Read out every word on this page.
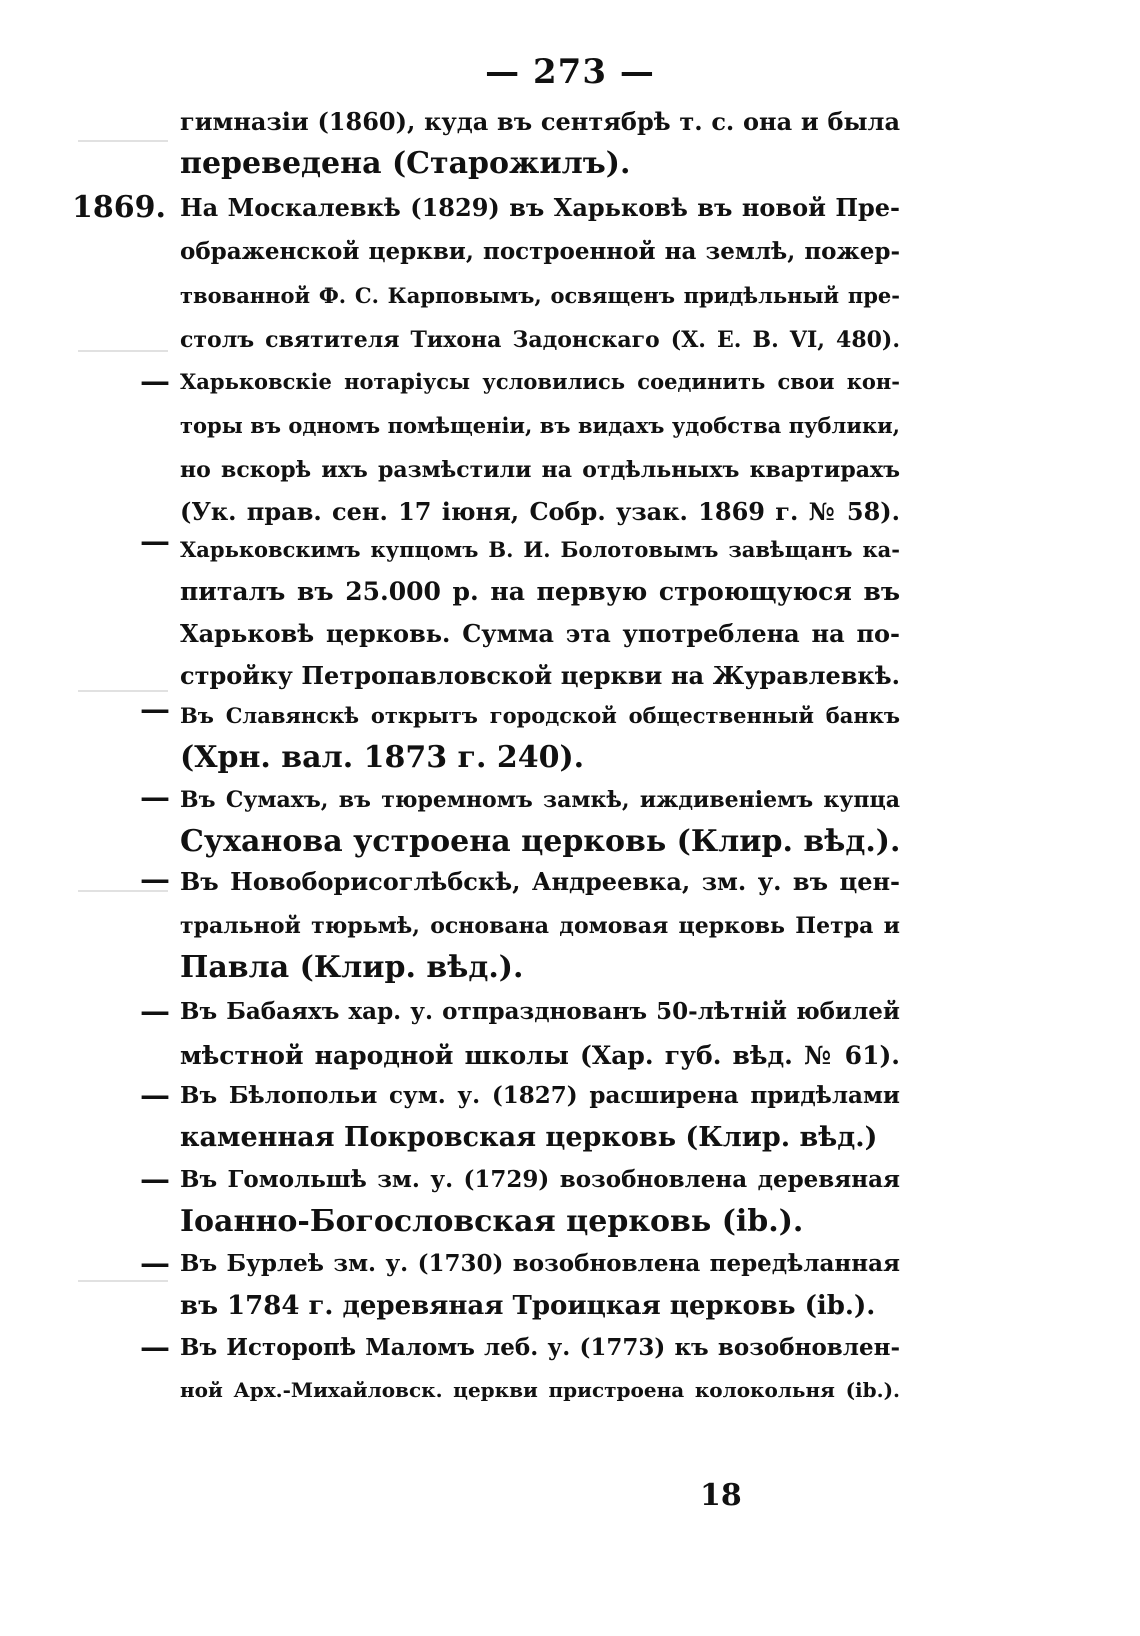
— 273 —
1869.
—
—
—
—
—
—
—
—
—
—
гимназіи (1860), куда въ сентябрѣ т. с. она и была
переведена (Старожилъ).
На Москалевкѣ (1829) въ Харьковѣ въ новой Пре-
ображенской церкви, построенной на землѣ, пожер-
твованной Ф. С. Карповымъ, освященъ придѣльный пре-
столъ святителя Тихона Задонскаго (Х. Е. В. VI, 480).
Харьковскіе нотаріусы условились соединить свои кон-
торы въ одномъ помѣщеніи, въ видахъ удобства публики,
но вскорѣ ихъ размѣстили на отдѣльныхъ квартирахъ
(Ук. прав. сен. 17 іюня, Собр. узак. 1869 г. № 58).
Харьковскимъ купцомъ В. И. Болотовымъ завѣщанъ ка-
питалъ въ 25.000 р. на первую строющуюся въ
Харьковѣ церковь. Сумма эта употреблена на по-
стройку Петропавловской церкви на Журавлевкѣ.
Въ Славянскѣ открытъ городской общественный банкъ
(Хрн. вал. 1873 г. 240).
Въ Сумахъ, въ тюремномъ замкѣ, иждивеніемъ купца
Суханова устроена церковь (Клир. вѣд.).
Въ Новоборисоглѣбскѣ, Андреевка, зм. у. въ цен-
тральной тюрьмѣ, основана домовая церковь Петра и
Павла (Клир. вѣд.).
Въ Бабаяхъ хар. у. отпразднованъ 50-лѣтній юбилей
мѣстной народной школы (Хар. губ. вѣд. № 61).
Въ Бѣлопольи сум. у. (1827) расширена придѣлами
каменная Покровская церковь (Клир. вѣд.)
Въ Гомольшѣ зм. у. (1729) возобновлена деревяная
Іоанно-Богословская церковь (ib.).
Въ Бурлеѣ зм. у. (1730) возобновлена передѣланная
въ 1784 г. деревяная Троицкая церковь (ib.).
Въ Исторопѣ Маломъ леб. у. (1773) къ возобновлен-
ной Арх.-Михайловск. церкви пристроена колокольня (ib.).
18
